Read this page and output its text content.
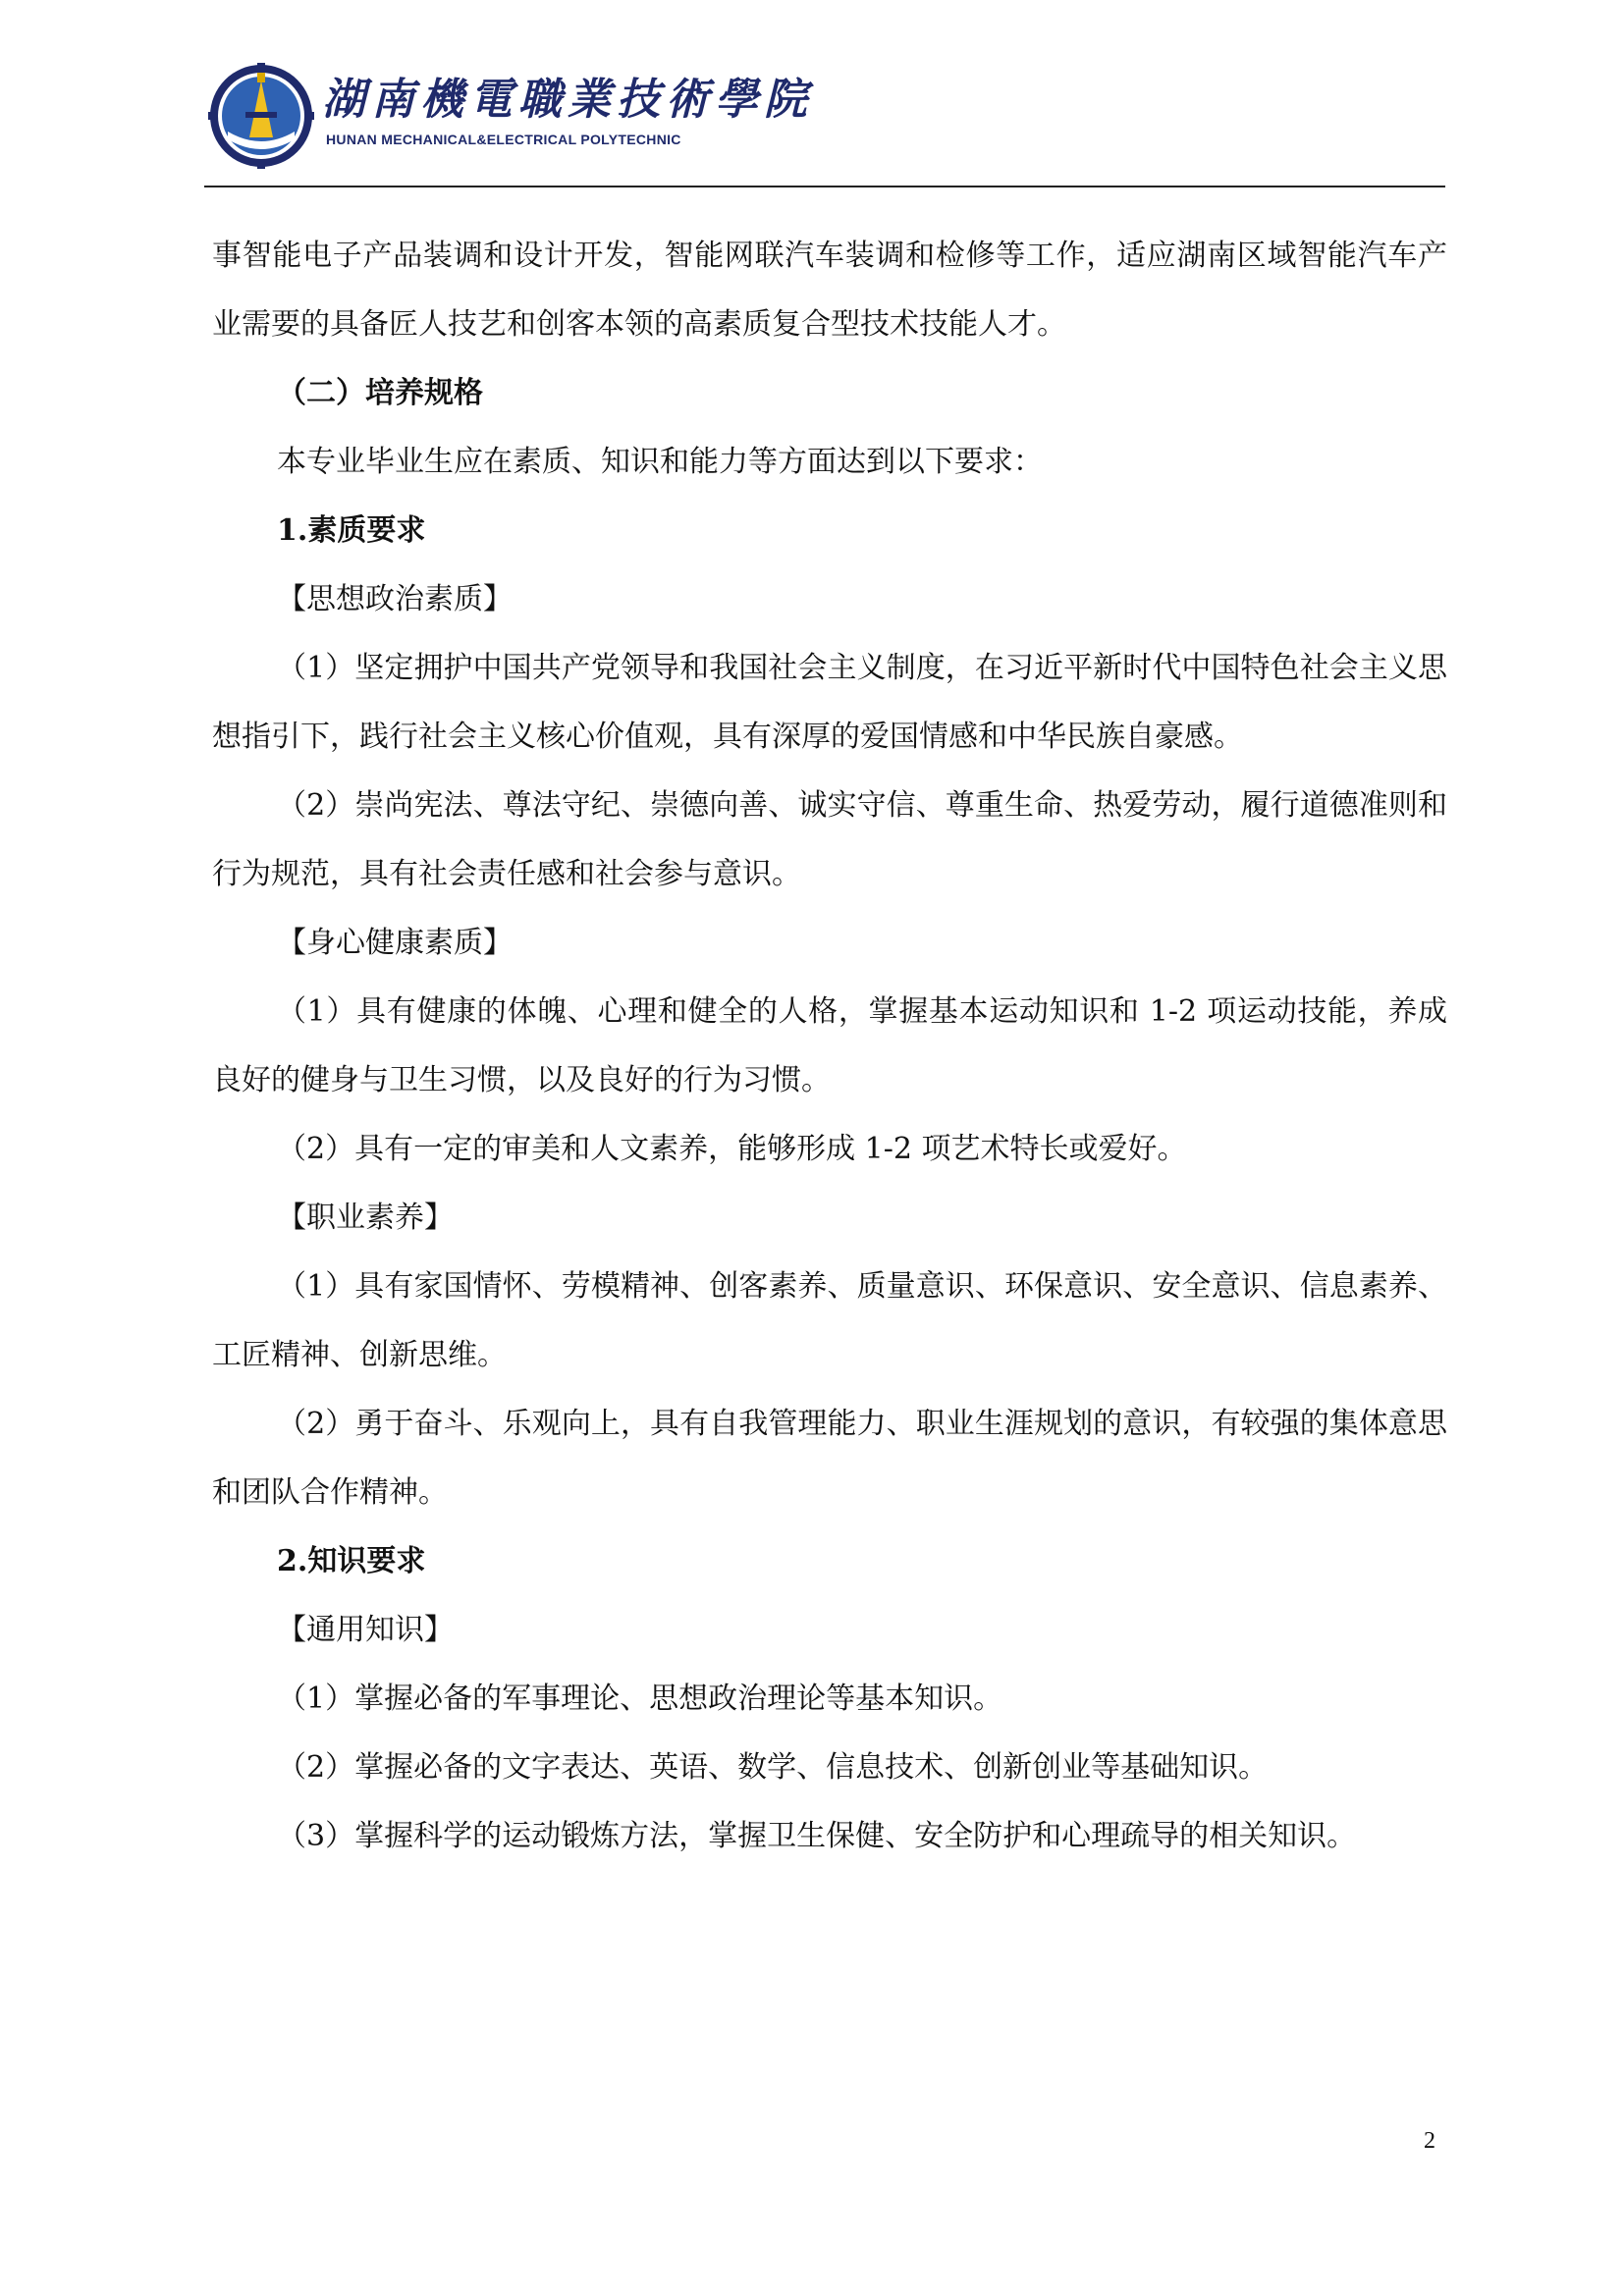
湖南機電職業技術學院

HUNAN MECHANICAL&ELECTRICAL POLYTECHNIC

事智能电子产品装调和设计开发，智能网联汽车装调和检修等工作，适应湖南区域智能汽车产业需要的具备匠人技艺和创客本领的高素质复合型技术技能人才。

（二）培养规格

本专业毕业生应在素质、知识和能力等方面达到以下要求：

1.素质要求

【思想政治素质】

（1）坚定拥护中国共产党领导和我国社会主义制度，在习近平新时代中国特色社会主义思想指引下，践行社会主义核心价值观，具有深厚的爱国情感和中华民族自豪感。

（2）崇尚宪法、尊法守纪、崇德向善、诚实守信、尊重生命、热爱劳动，履行道德准则和行为规范，具有社会责任感和社会参与意识。

【身心健康素质】

（1）具有健康的体魄、心理和健全的人格，掌握基本运动知识和 1-2 项运动技能，养成良好的健身与卫生习惯，以及良好的行为习惯。

（2）具有一定的审美和人文素养，能够形成 1-2 项艺术特长或爱好。

【职业素养】

（1）具有家国情怀、劳模精神、创客素养、质量意识、环保意识、安全意识、信息素养、工匠精神、创新思维。

（2）勇于奋斗、乐观向上，具有自我管理能力、职业生涯规划的意识，有较强的集体意思和团队合作精神。

2.知识要求

【通用知识】

（1）掌握必备的军事理论、思想政治理论等基本知识。

（2）掌握必备的文字表达、英语、数学、信息技术、创新创业等基础知识。

（3）掌握科学的运动锻炼方法，掌握卫生保健、安全防护和心理疏导的相关知识。

2
